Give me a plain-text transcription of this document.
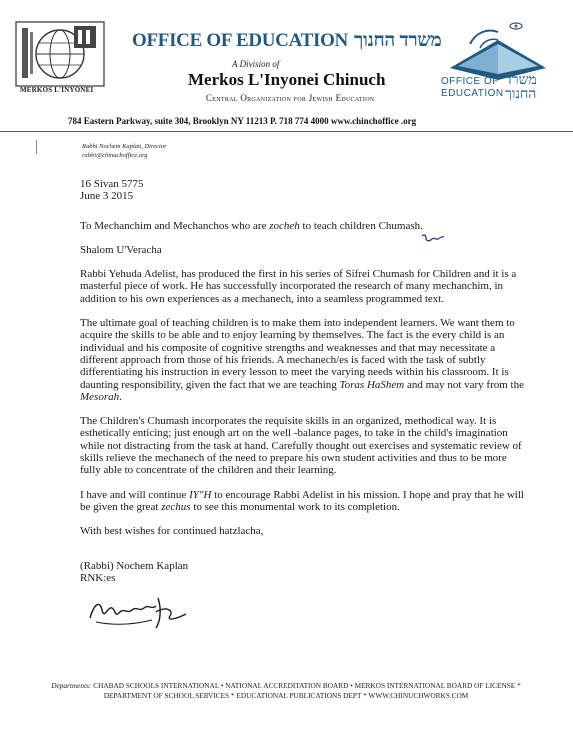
MERKOS L'INYONEI
OFFICE OF EDUCATION משרד החנוך
A Division of
Merkos L'Inyonei Chinuch
Central Organization for Jewish Education
OFFICE OF
EDUCATION
משרד
החנוך
784 Eastern Parkway, suite 304, Brooklyn NY 11213 P. 718 774 4000 www.chinchoffice .org
Rabbi Nochem Kaplan, Director
rabbi@chinuchoffice.org

16 Sivan 5775
June 3 2015

To Mechanchim and Mechanchos who are zocheh to teach children Chumash.

Shalom U'Veracha

Rabbi Yehuda Adelist, has produced the first in his series of Sifrei Chumash for Children and it is a masterful piece of work. He has successfully incorporated the research of many mechanchim, in addition to his own experiences as a mechanech, into a seamless programmed text.

The ultimate goal of teaching children is to make them into independent learners. We want them to acquire the skills to be able and to enjoy learning by themselves. The fact is the every child is an individual and his composite of cognitive strengths and weaknesses and that may necessitate a different approach from those of his friends. A mechanech/es is faced with the task of subtly differentiating his instruction in every lesson to meet the varying needs within his classroom. It is daunting responsibility, given the fact that we are teaching Toras HaShem and may not vary from the Mesorah.

The Children's Chumash incorporates the requisite skills in an organized, methodical way. It is esthetically enticing; just enough art on the well -balance pages, to take in the child's imagination while not distracting from the task at hand. Carefully thought out exercises and systematic review of skills relieve the mechanech of the need to prepare his own student activities and thus to be more fully able to concentrate of the children and their learning.

I have and will continue IY"H to encourage Rabbi Adelist in his mission. I hope and pray that he will be given the great zechus to see this monumental work to its completion.

With best wishes for continued hatzlacha,

(Rabbi) Nochem Kaplan

RNK:es

Departments: CHABAD SCHOOLS INTERNATIONAL • NATIONAL ACCREDITATION BOARD • MERKOS INTERNATIONAL BOARD OF LICENSE * DEPARTMENT OF SCHOOL SERVICES * EDUCATIONAL PUBLICATIONS DEPT * WWW.CHINUCHWORKS.COM
